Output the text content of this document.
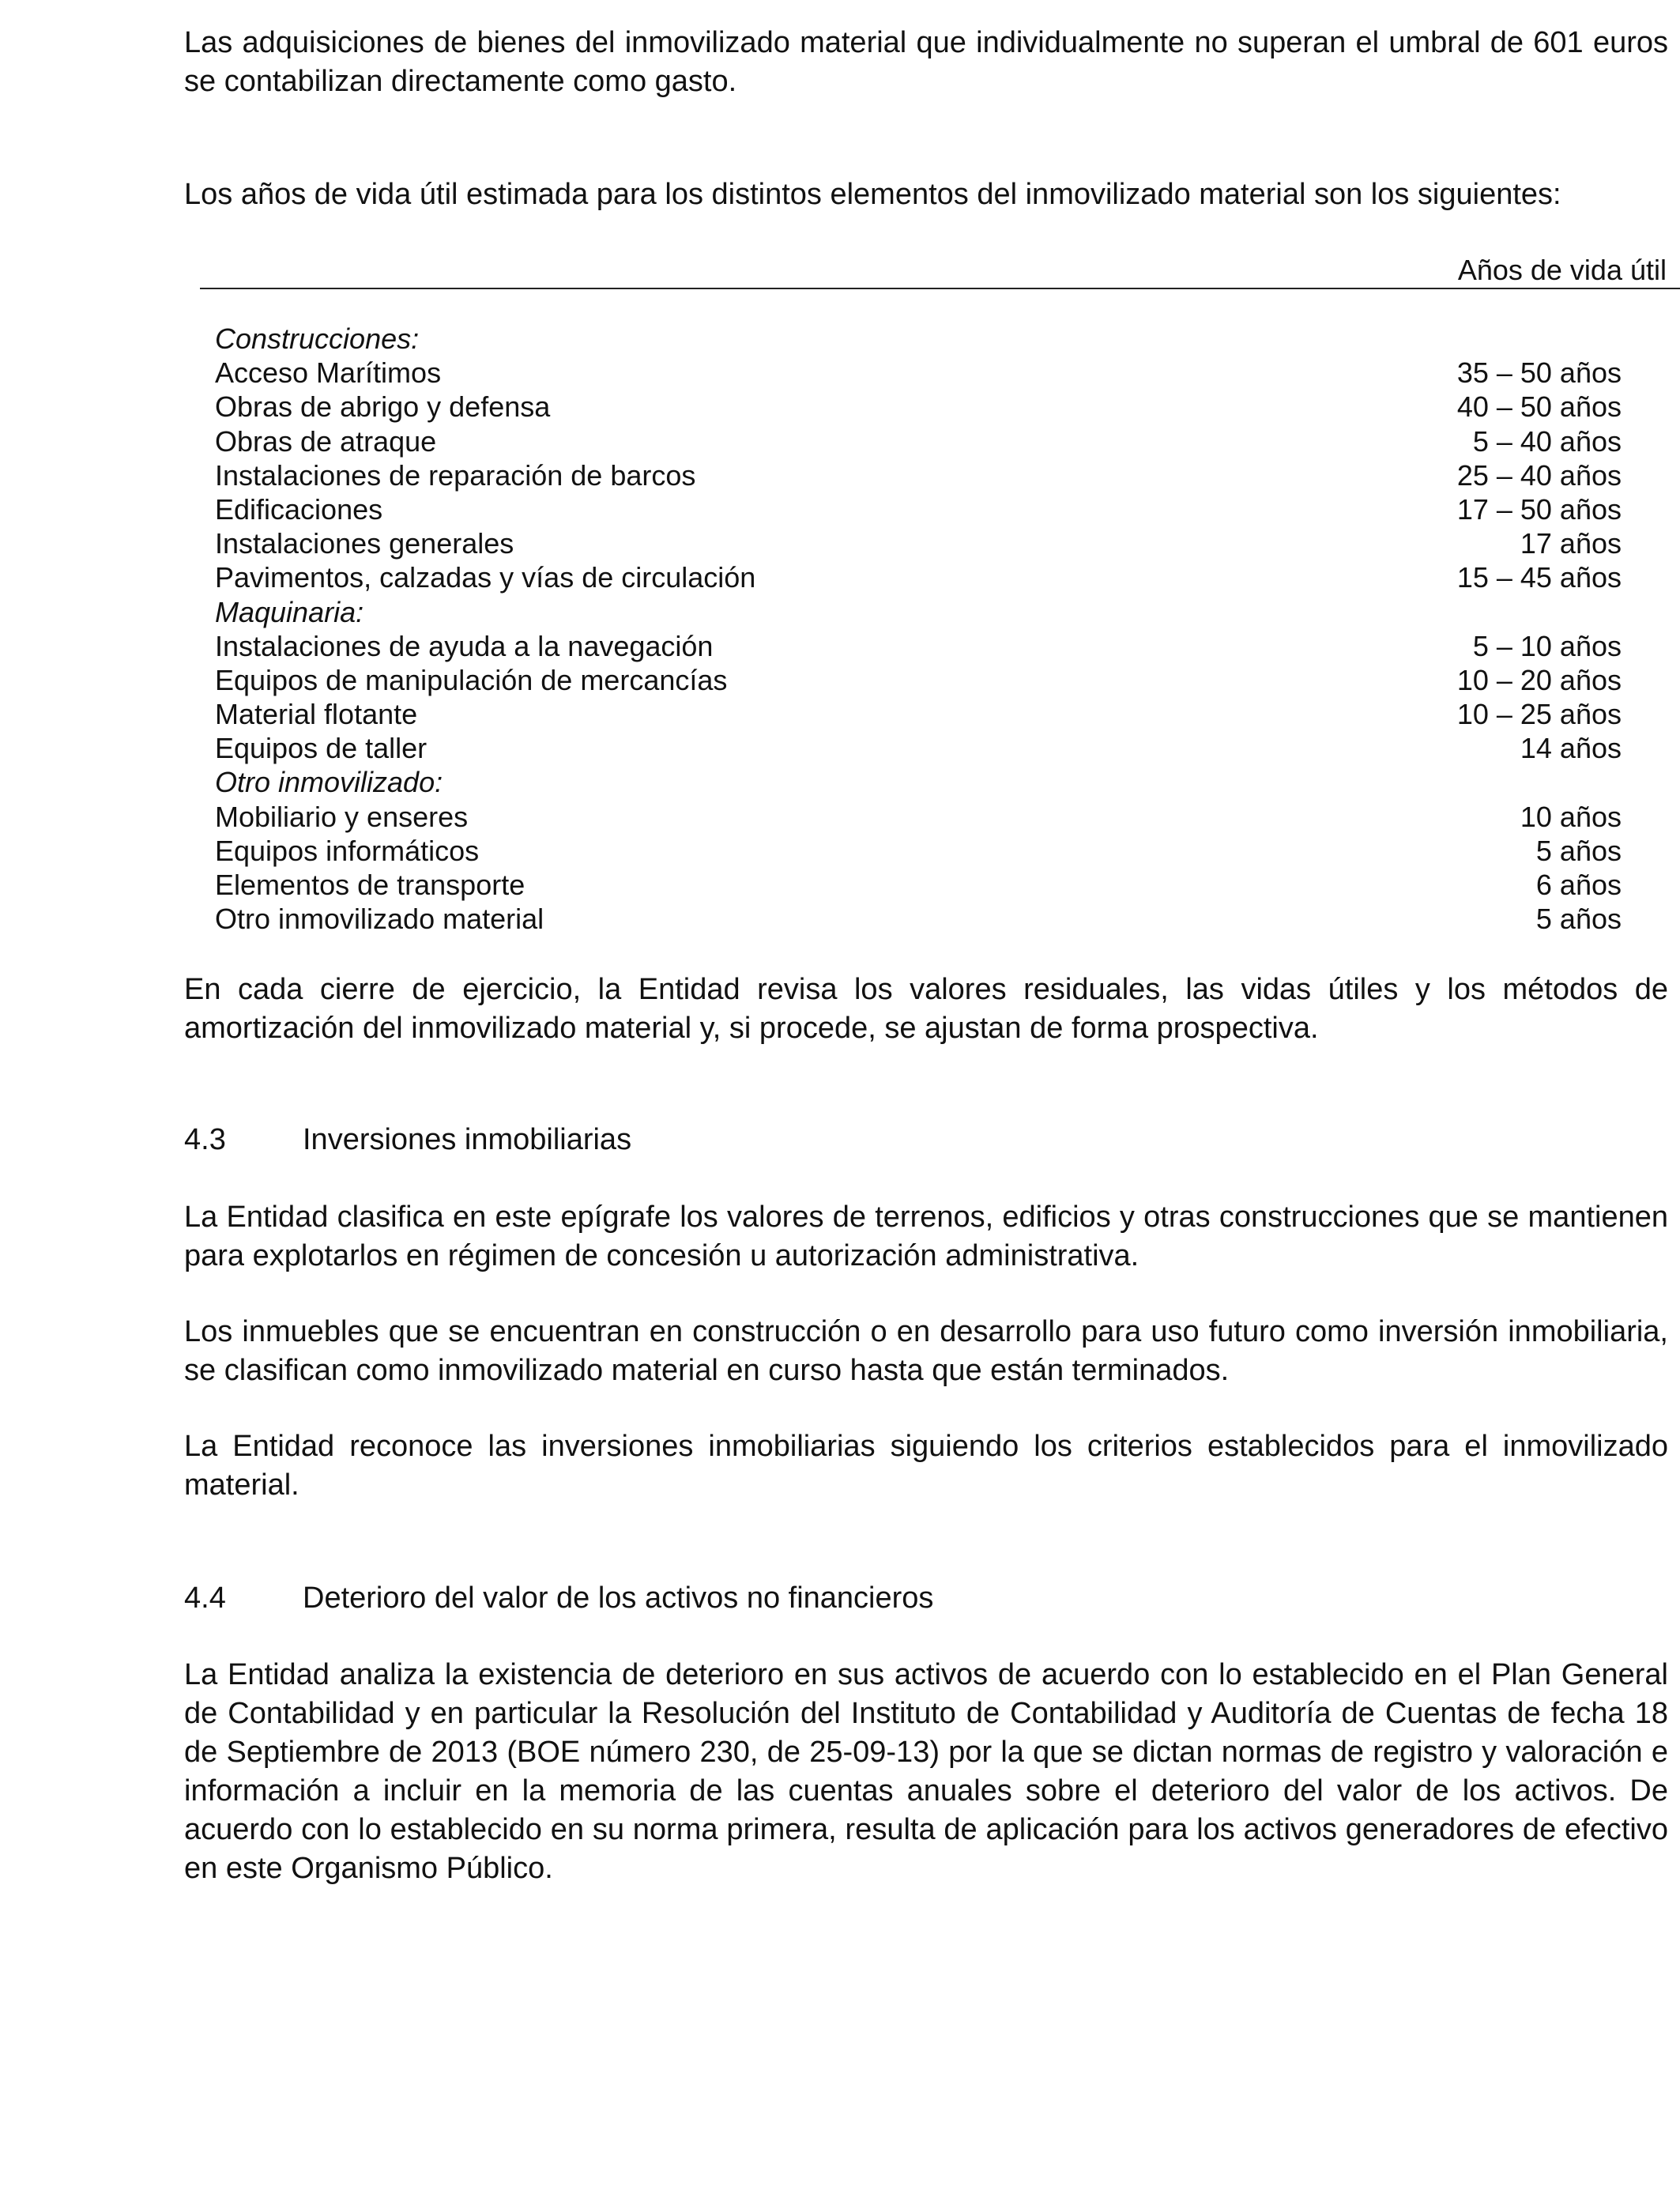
Las adquisiciones de bienes del inmovilizado material que individualmente no superan el umbral de 601 euros se contabilizan directamente como gasto.

Los años de vida útil estimada para los distintos elementos del inmovilizado material son los siguientes:

Años de vida útil
Construcciones:
Acceso Marítimos	35 – 50 años
Obras de abrigo y defensa	40 – 50 años
Obras de atraque	5 – 40 años
Instalaciones de reparación de barcos	25 – 40 años
Edificaciones	17 – 50 años
Instalaciones generales	17 años
Pavimentos, calzadas y vías de circulación	15 – 45 años
Maquinaria:
Instalaciones de ayuda a la navegación	5 – 10 años
Equipos de manipulación de mercancías	10 – 20 años
Material flotante	10 – 25 años
Equipos de taller	14 años
Otro inmovilizado:
Mobiliario y enseres	10 años
Equipos informáticos	5 años
Elementos de transporte	6 años
Otro inmovilizado material	5 años

En cada cierre de ejercicio, la Entidad revisa los valores residuales, las vidas útiles y los métodos de amortización del inmovilizado material y, si procede, se ajustan de forma prospectiva.

4.3	Inversiones inmobiliarias

La Entidad clasifica en este epígrafe los valores de terrenos, edificios y otras construcciones que se mantienen para explotarlos en régimen de concesión u autorización administrativa.

Los inmuebles que se encuentran en construcción o en desarrollo para uso futuro como inversión inmobiliaria, se clasifican como inmovilizado material en curso hasta que están terminados.

La Entidad reconoce las inversiones inmobiliarias siguiendo los criterios establecidos para el inmovilizado material.

4.4	Deterioro del valor de los activos no financieros

La Entidad analiza la existencia de deterioro en sus activos de acuerdo con lo establecido en el Plan General de Contabilidad y en particular la Resolución del Instituto de Contabilidad y Auditoría de Cuentas de fecha 18 de Septiembre de 2013 (BOE número 230, de 25-09-13) por la que se dictan normas de registro y valoración e información a incluir en la memoria de las cuentas anuales sobre el deterioro del valor de los activos. De acuerdo con lo establecido en su norma primera, resulta de aplicación para los activos generadores de efectivo en este Organismo Público.
